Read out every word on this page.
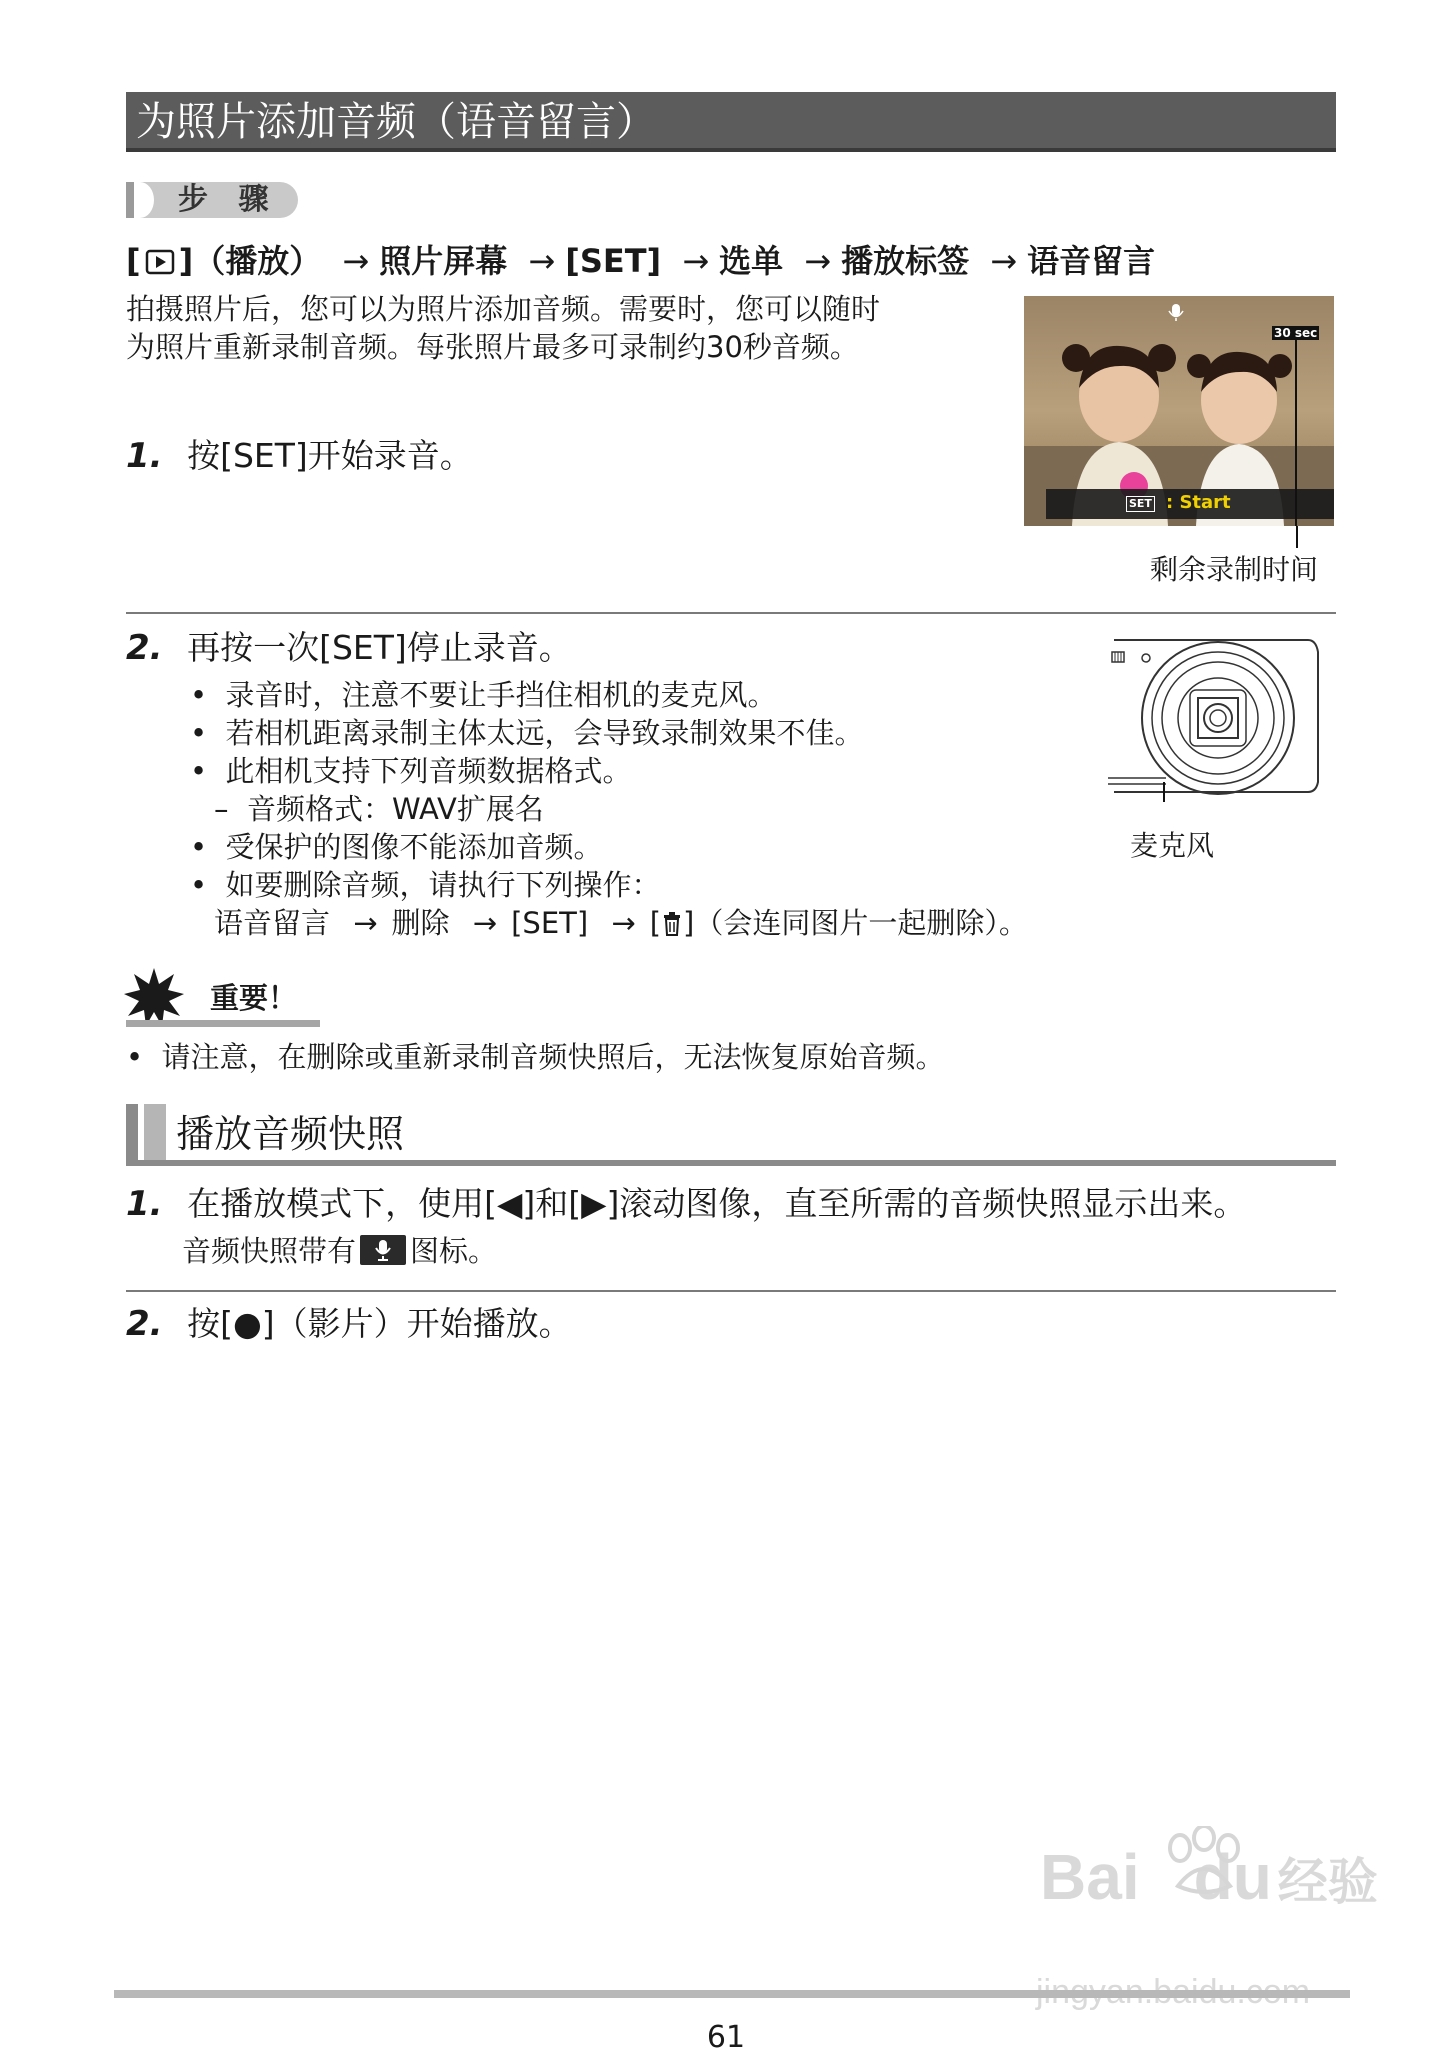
为照片添加音频（语音留言）
步 骤
[ ]（播放） → 照片屏幕 → [SET] → 选单 → 播放标签 → 语音留言
拍摄照片后，您可以为照片添加音频。需要时，您可以随时为照片重新录制音频。每张照片最多可录制约30秒音频。	30 sec
SET : Start
剩余录制时间
1. 按[SET]开始录音。
2. 再按一次[SET]停止录音。
•  录音时，注意不要让手挡住相机的麦克风。
•  若相机距离录制主体太远，会导致录制效果不佳。
•  此相机支持下列音频数据格式。
–  音频格式：WAV扩展名
•  受保护的图像不能添加音频。
•  如要删除音频，请执行下列操作：
语音留言 → 删除 → [SET] → [ ]（会连同图片一起删除）。
麦克风
重要！
•  请注意，在删除或重新录制音频快照后，无法恢复原始音频。
播放音频快照
1. 在播放模式下，使用[◀]和[▶]滚动图像，直至所需的音频快照显示出来。
音频快照带有 图标。
2. 按[●]（影片）开始播放。
Bai du 经验
61
